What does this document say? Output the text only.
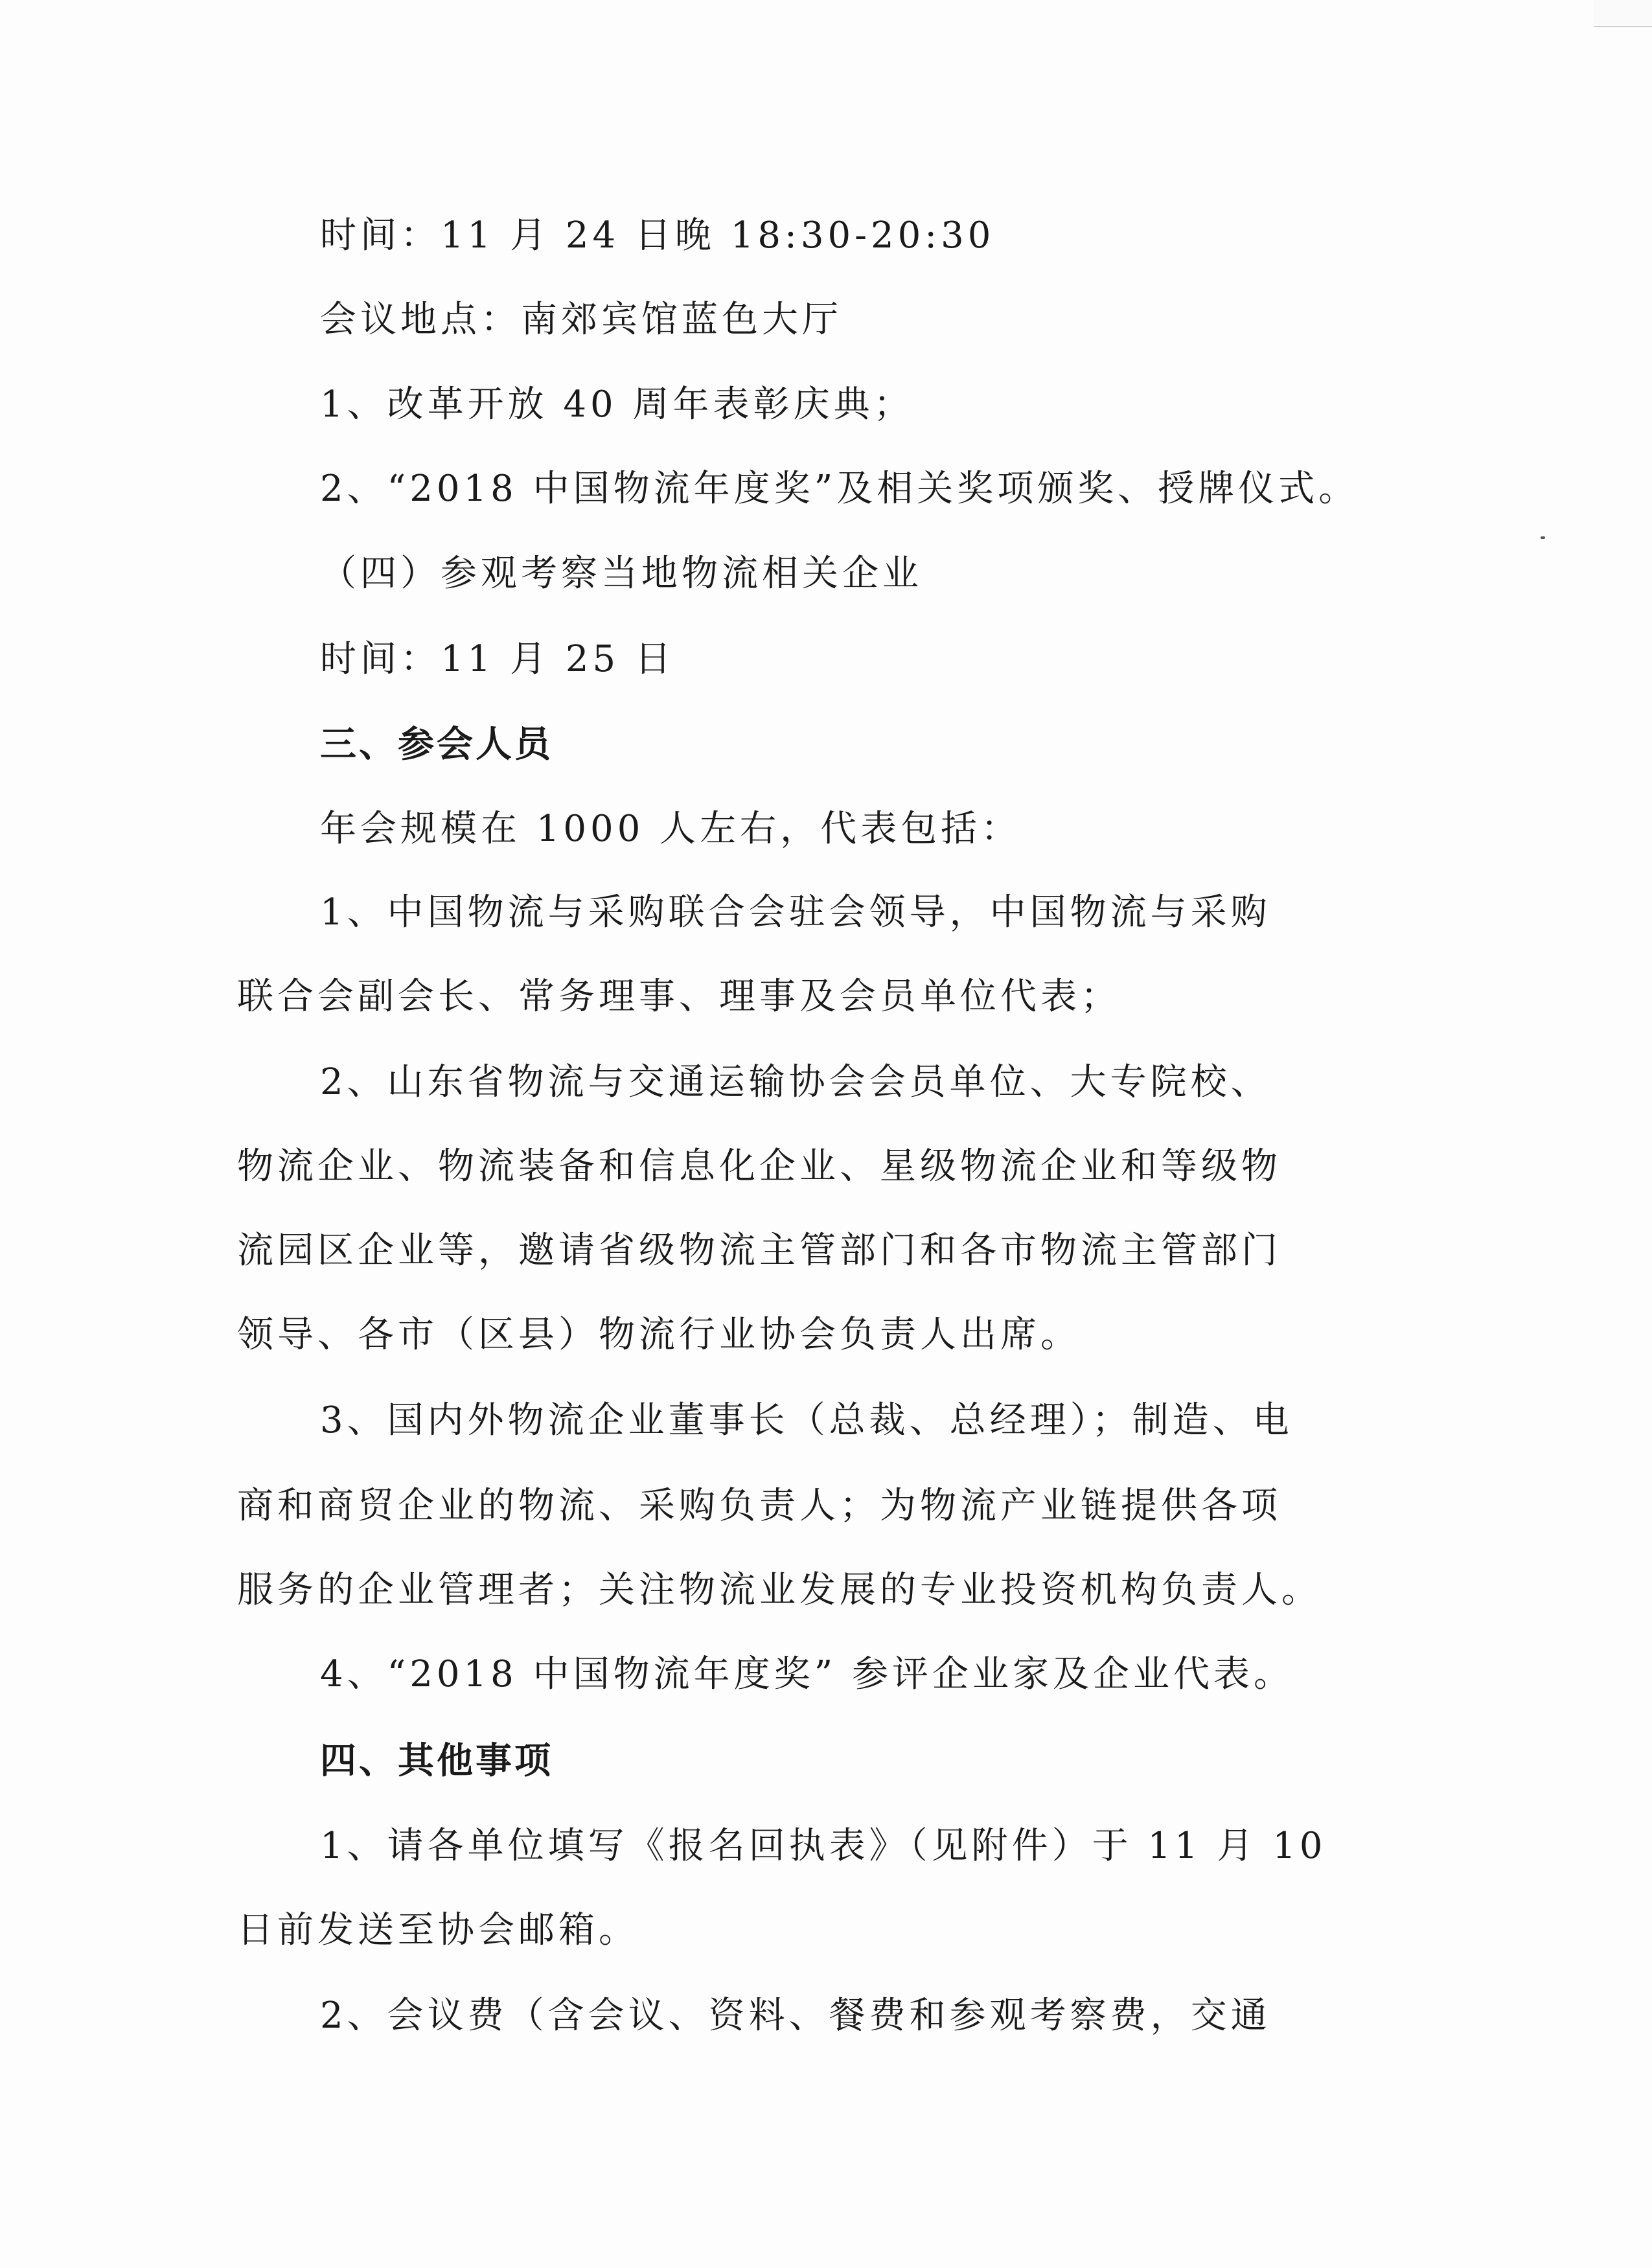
时间：11 月 24 日晚 18:30-20:30
会议地点：南郊宾馆蓝色大厅
1、改革开放 40 周年表彰庆典；
2、“2018 中国物流年度奖”及相关奖项颁奖、授牌仪式。
（四）参观考察当地物流相关企业
时间：11 月 25 日
三、参会人员
年会规模在 1000 人左右，代表包括：
1、中国物流与采购联合会驻会领导，中国物流与采购
联合会副会长、常务理事、理事及会员单位代表；
2、山东省物流与交通运输协会会员单位、大专院校、
物流企业、物流装备和信息化企业、星级物流企业和等级物
流园区企业等，邀请省级物流主管部门和各市物流主管部门
领导、各市（区县）物流行业协会负责人出席。
3、国内外物流企业董事长（总裁、总经理）；制造、电
商和商贸企业的物流、采购负责人；为物流产业链提供各项
服务的企业管理者；关注物流业发展的专业投资机构负责人。
4、“2018 中国物流年度奖” 参评企业家及企业代表。
四、其他事项
1、请各单位填写《报名回执表》（见附件）于 11 月 10
日前发送至协会邮箱。
2、会议费（含会议、资料、餐费和参观考察费，交通
